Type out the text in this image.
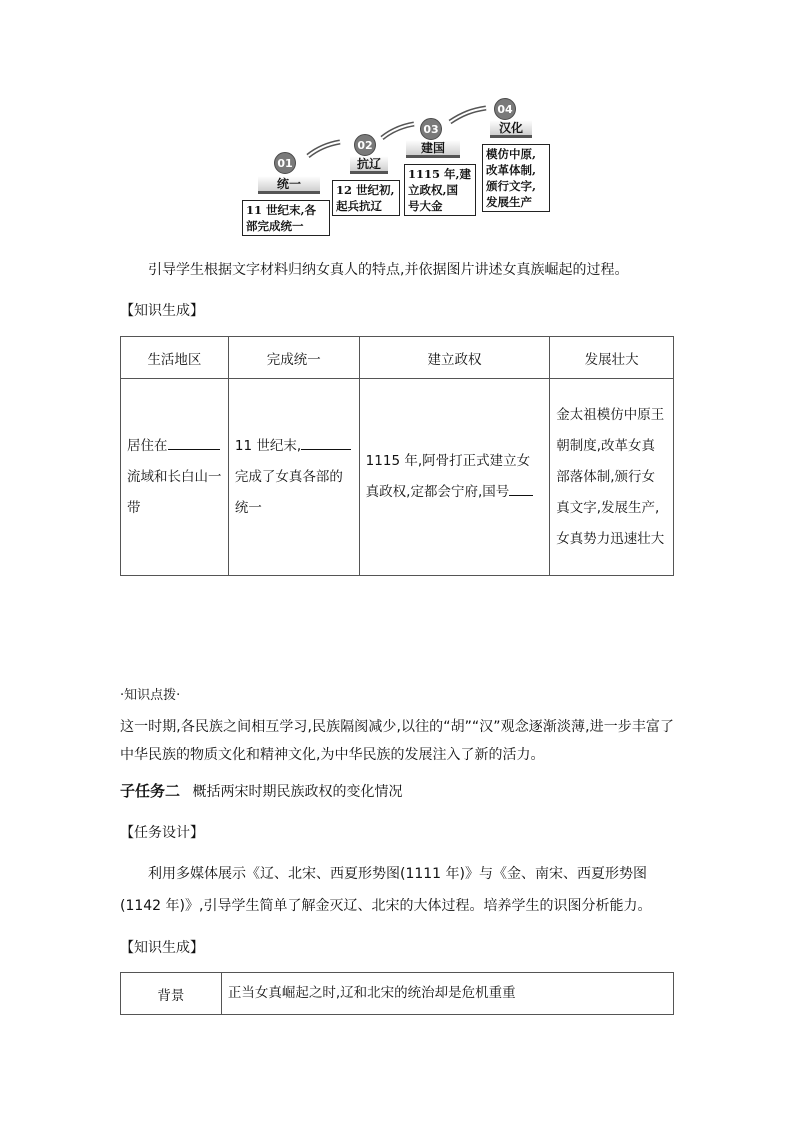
01
统一
11 世纪末,各
部完成统一
02
抗辽
12 世纪初,
起兵抗辽
03
建国
1115 年,建
立政权,国
号大金
04
汉化
模仿中原,
改革体制,
颁行文字,
发展生产
引导学生根据文字材料归纳女真人的特点,并依据图片讲述女真族崛起的过程。
【知识生成】
生活地区	完成统一	建立政权	发展壮大
居住在流域和长白山一带	11 世纪末,完成了女真各部的统一	1115 年,阿骨打正式建立女真政权,定都会宁府,国号	金太祖模仿中原王朝制度,改革女真部落体制,颁行女真文字,发展生产,女真势力迅速壮大
·知识点拨·
这一时期,各民族之间相互学习,民族隔阂减少,以往的“胡”“汉”观念逐渐淡薄,进一步丰富了中华民族的物质文化和精神文化,为中华民族的发展注入了新的活力。
子任务二 概括两宋时期民族政权的变化情况
【任务设计】
利用多媒体展示《辽、北宋、西夏形势图(1111 年)》与《金、南宋、西夏形势图(1142 年)》,引导学生简单了解金灭辽、北宋的大体过程。培养学生的识图分析能力。
【知识生成】
背景	正当女真崛起之时,辽和北宋的统治却是危机重重
